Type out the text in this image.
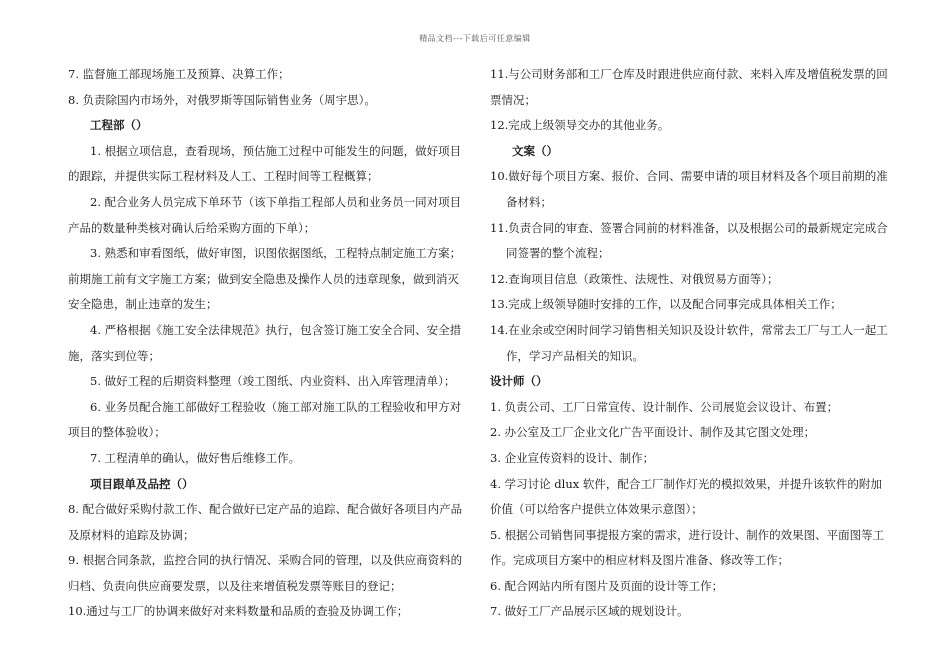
精品文档---下载后可任意编辑
7. 监督施工部现场施工及预算、决算工作；
8. 负责除国内市场外，对俄罗斯等国际销售业务（周宇思）。
工程部（）
1. 根据立项信息，查看现场，预估施工过程中可能发生的问题，做好项目
的跟踪，并提供实际工程材料及人工、工程时间等工程概算；
2. 配合业务人员完成下单环节（该下单指工程部人员和业务员一同对项目
产品的数量种类核对确认后给采购方面的下单）；
3. 熟悉和审看图纸，做好审图，识图依据图纸，工程特点制定施工方案；
前期施工前有文字施工方案；做到安全隐患及操作人员的违章现象，做到消灭
安全隐患，制止违章的发生；
4. 严格根据《施工安全法律规范》执行，包含签订施工安全合同、安全措
施，落实到位等；
5. 做好工程的后期资料整理（竣工图纸、内业资料、出入库管理清单）；
6. 业务员配合施工部做好工程验收（施工部对施工队的工程验收和甲方对
项目的整体验收）；
7. 工程清单的确认，做好售后维修工作。
项目跟单及品控（）
8. 配合做好采购付款工作、配合做好已定产品的追踪、配合做好各项目内产品
及原材料的追踪及协调；
9. 根据合同条款，监控合同的执行情况、采购合同的管理，以及供应商资料的
归档、负责向供应商要发票，以及往来增值税发票等账目的登记；
10.通过与工厂的协调来做好对来料数量和品质的查验及协调工作；
11.与公司财务部和工厂仓库及时跟进供应商付款、来料入库及增值税发票的回
票情况；
12.完成上级领导交办的其他业务。
文案（）
10.做好每个项目方案、报价、合同、需要申请的项目材料及各个项目前期的准
备材料；
11.负责合同的审查、签署合同前的材料准备，以及根据公司的最新规定完成合
同签署的整个流程；
12.查询项目信息（政策性、法规性、对俄贸易方面等）；
13.完成上级领导随时安排的工作，以及配合同事完成具体相关工作；
14.在业余或空闲时间学习销售相关知识及设计软件，常常去工厂与工人一起工
作，学习产品相关的知识。
设计师（）
1. 负责公司、工厂日常宣传、设计制作、公司展览会议设计、布置；
2. 办公室及工厂企业文化广告平面设计、制作及其它图文处理；
3. 企业宣传资料的设计、制作；
4. 学习讨论 dlux 软件，配合工厂制作灯光的模拟效果，并提升该软件的附加
价值（可以给客户提供立体效果示意图）；
5. 根据公司销售同事提报方案的需求，进行设计、制作的效果图、平面图等工
作。完成项目方案中的相应材料及图片准备、修改等工作；
6. 配合网站内所有图片及页面的设计等工作；
7. 做好工厂产品展示区域的规划设计。
